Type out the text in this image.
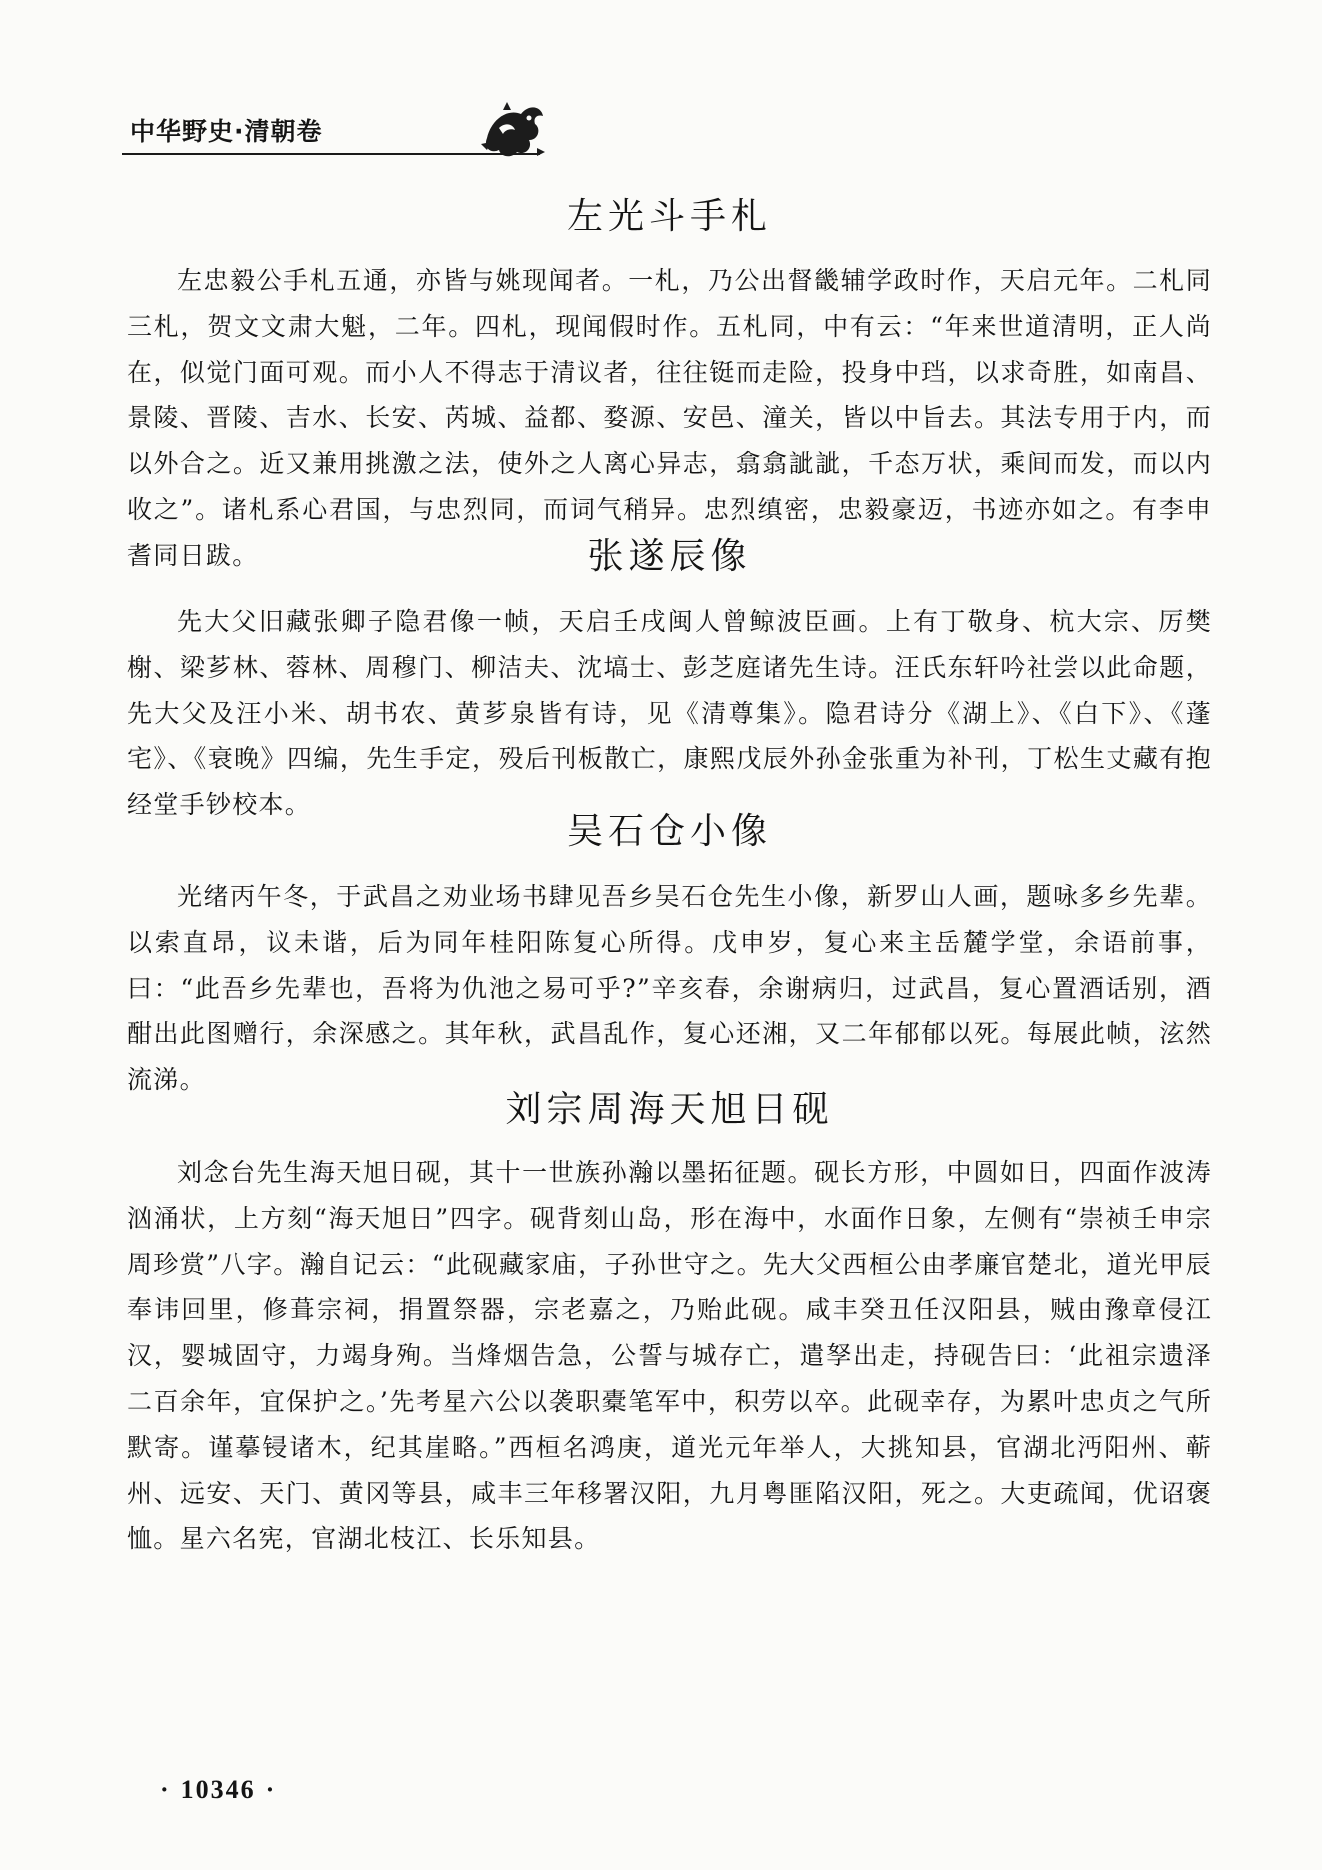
中华野史·清朝卷
左光斗手札

左忠毅公手札五通，亦皆与姚现闻者。一札，乃公出督畿辅学政时作，天启元年。二札同三札，贺文文肃大魁，二年。四札，现闻假时作。五札同，中有云：“年来世道清明，正人尚在，似觉门面可观。而小人不得志于清议者，往往铤而走险，投身中珰，以求奇胜，如南昌、景陵、晋陵、吉水、长安、芮城、益都、婺源、安邑、潼关，皆以中旨去。其法专用于内，而以外合之。近又兼用挑激之法，使外之人离心异志，翕翕訿訿，千态万状，乘间而发，而以内收之”。诸札系心君国，与忠烈同，而词气稍异。忠烈缜密，忠毅豪迈，书迹亦如之。有李申耆同日跋。	张遂辰像

先大父旧藏张卿子隐君像一帧，天启壬戌闽人曾鲸波臣画。上有丁敬身、杭大宗、厉樊榭、梁芗林、蓉林、周穆门、柳洁夫、沈塙士、彭芝庭诸先生诗。汪氏东轩吟社尝以此命题，先大父及汪小米、胡书农、黄芗泉皆有诗，见《清尊集》。隐君诗分《湖上》、《白下》、《蓬宅》、《衰晚》四编，先生手定，殁后刊板散亡，康熙戊辰外孙金张重为补刊，丁松生丈藏有抱经堂手钞校本。

吴石仓小像

光绪丙午冬，于武昌之劝业场书肆见吾乡吴石仓先生小像，新罗山人画，题咏多乡先辈。以索直昂，议未谐，后为同年桂阳陈复心所得。戊申岁，复心来主岳麓学堂，余语前事，曰：“此吾乡先辈也，吾将为仇池之易可乎?”辛亥春，余谢病归，过武昌，复心置酒话别，酒酣出此图赠行，余深感之。其年秋，武昌乱作，复心还湘，又二年郁郁以死。每展此帧，泫然流涕。

刘宗周海天旭日砚

刘念台先生海天旭日砚，其十一世族孙瀚以墨拓征题。砚长方形，中圆如日，四面作波涛汹涌状，上方刻“海天旭日”四字。砚背刻山岛，形在海中，水面作日象，左侧有“崇祯壬申宗周珍赏”八字。瀚自记云：“此砚藏家庙，子孙世守之。先大父西桓公由孝廉官楚北，道光甲辰奉讳回里，修葺宗祠，捐置祭器，宗老嘉之，乃贻此砚。咸丰癸丑任汉阳县，贼由豫章侵江汉，婴城固守，力竭身殉。当烽烟告急，公誓与城存亡，遣孥出走，持砚告曰：‘此祖宗遗泽二百余年，宜保护之。’先考星六公以袭职橐笔军中，积劳以卒。此砚幸存，为累叶忠贞之气所默寄。谨摹锓诸木，纪其崖略。”西桓名鸿庚，道光元年举人，大挑知县，官湖北沔阳州、蕲州、远安、天门、黄冈等县，咸丰三年移署汉阳，九月粤匪陷汉阳，死之。大吏疏闻，优诏褒恤。星六名宪，官湖北枝江、长乐知县。

· 10346 ·
